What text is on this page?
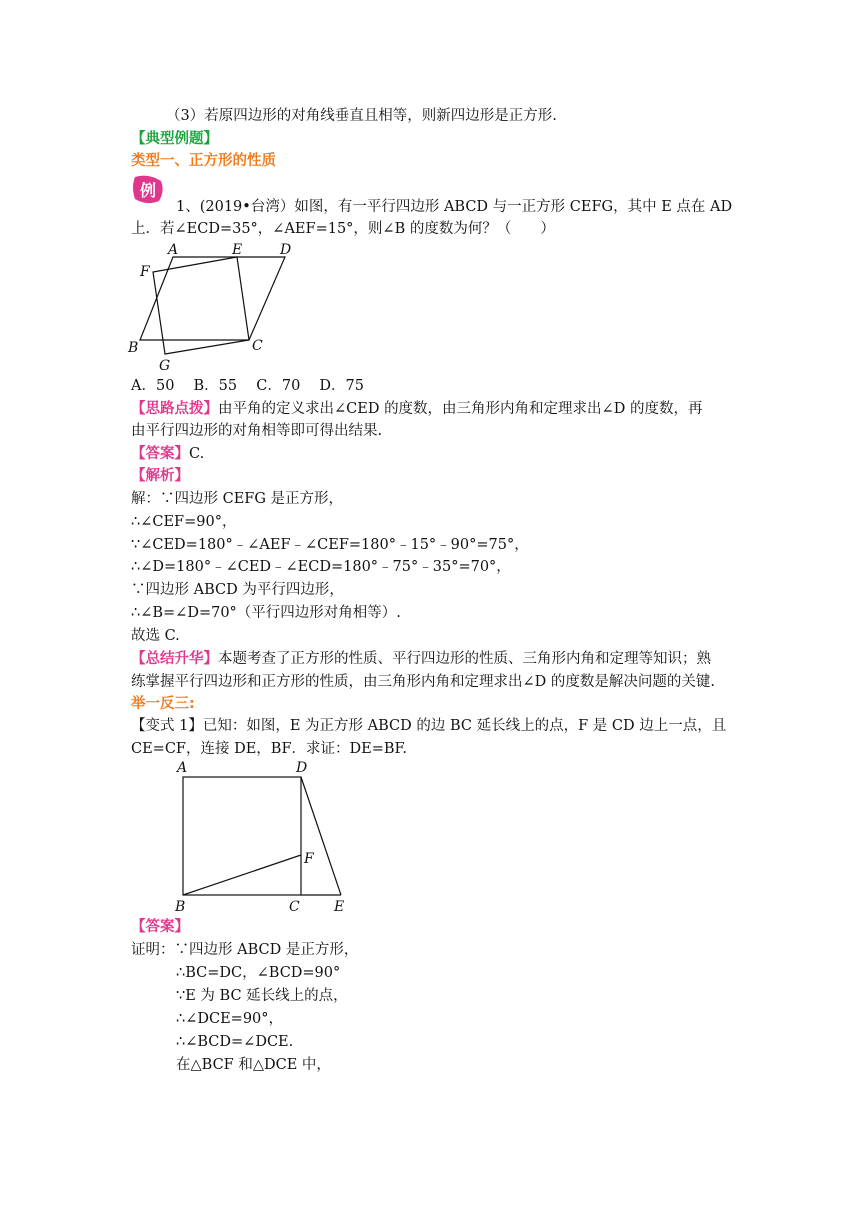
（3）若原四边形的对角线垂直且相等，则新四边形是正方形.
【典型例题】
类型一、正方形的性质
例
1、(2019•台湾）如图，有一平行四边形 ABCD 与一正方形 CEFG，其中 E 点在 AD
上．若∠ECD=35°，∠AEF=15°，则∠B 的度数为何？（　　）
A	E	D
F
B
G
C
A．50　 B．55　 C．70　 D．75
【思路点拨】由平角的定义求出∠CED 的度数，由三角形内角和定理求出∠D 的度数，再
由平行四边形的对角相等即可得出结果.
【答案】C.
【解析】
解：∵四边形 CEFG 是正方形，
∴∠CEF=90°，
∵∠CED=180°﹣∠AEF﹣∠CEF=180°﹣15°﹣90°=75°，
∴∠D=180°﹣∠CED﹣∠ECD=180°﹣75°﹣35°=70°，
∵四边形 ABCD 为平行四边形，
∴∠B=∠D=70°（平行四边形对角相等）.
故选 C.
【总结升华】本题考查了正方形的性质、平行四边形的性质、三角形内角和定理等知识；熟
练掌握平行四边形和正方形的性质，由三角形内角和定理求出∠D 的度数是解决问题的关键.
举一反三:
【变式 1】已知：如图，E 为正方形 ABCD 的边 BC 延长线上的点，F 是 CD 边上一点，且
CE=CF，连接 DE，BF．求证：DE=BF.
A	D
F
B	C E
【答案】
证明：∵四边形 ABCD 是正方形，
∴BC=DC，∠BCD=90°
∵E 为 BC 延长线上的点，
∴∠DCE=90°，
∴∠BCD=∠DCE.
在△BCF 和△DCE 中，
